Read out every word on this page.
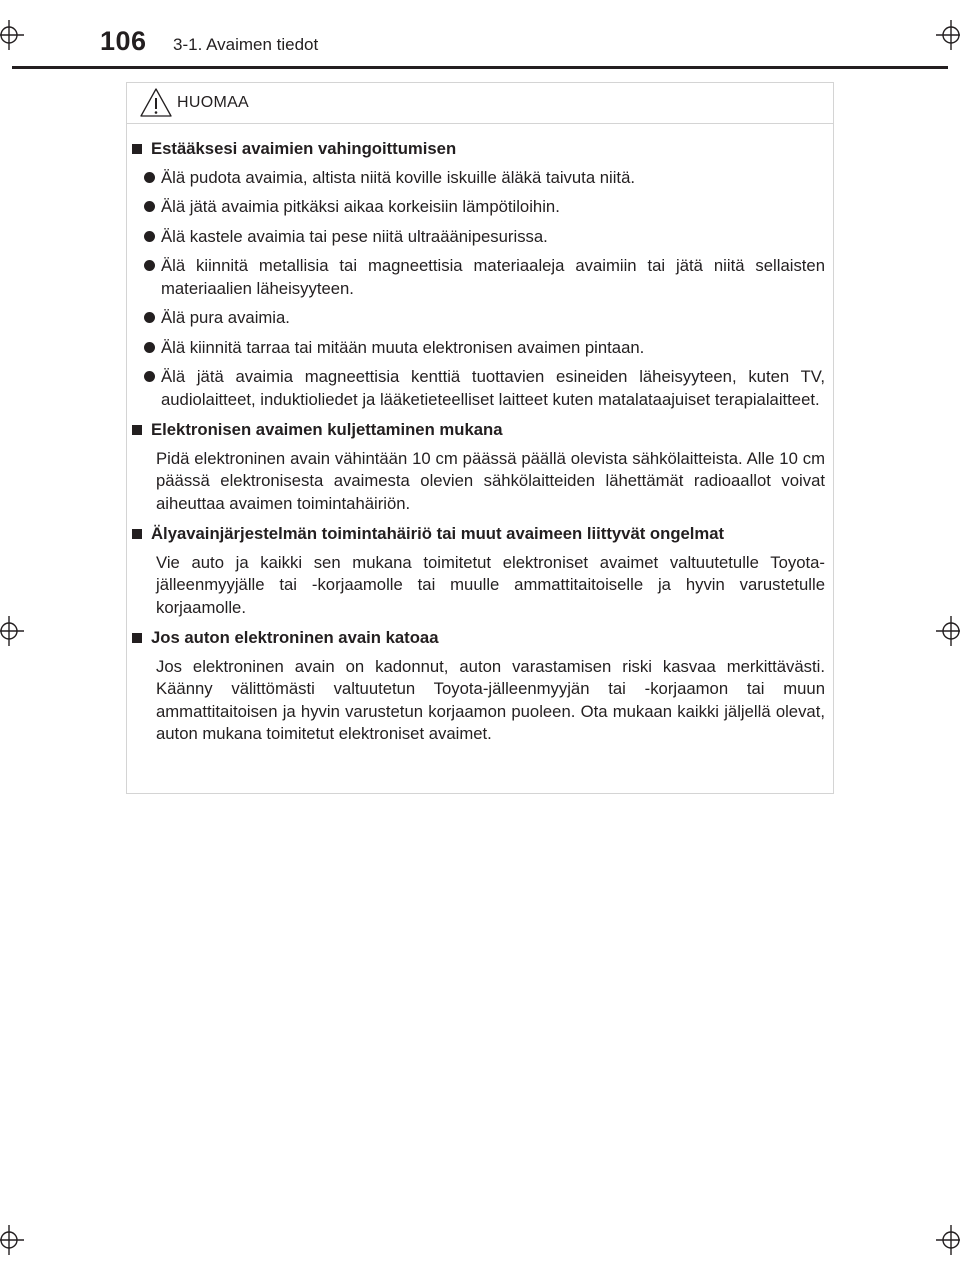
106 3-1. Avaimen tiedot
HUOMAA
Estääksesi avaimien vahingoittumisen
Älä pudota avaimia, altista niitä koville iskuille äläkä taivuta niitä.
Älä jätä avaimia pitkäksi aikaa korkeisiin lämpötiloihin.
Älä kastele avaimia tai pese niitä ultraäänipesurissa.
Älä kiinnitä metallisia tai magneettisia materiaaleja avaimiin tai jätä niitä sellaisten materiaalien läheisyyteen.
Älä pura avaimia.
Älä kiinnitä tarraa tai mitään muuta elektronisen avaimen pintaan.
Älä jätä avaimia magneettisia kenttiä tuottavien esineiden läheisyyteen, kuten TV, audiolaitteet, induktioliedet ja lääketieteelliset laitteet kuten matalataajuiset terapialaitteet.
Elektronisen avaimen kuljettaminen mukana

Pidä elektroninen avain vähintään 10 cm päässä päällä olevista sähkölaitteista. Alle 10 cm päässä elektronisesta avaimesta olevien sähkölaitteiden lähettämät radioaallot voivat aiheuttaa avaimen toimintahäiriön.

Älyavainjärjestelmän toimintahäiriö tai muut avaimeen liittyvät ongelmat

Vie auto ja kaikki sen mukana toimitetut elektroniset avaimet valtuutetulle Toyota-jälleenmyyjälle tai -korjaamolle tai muulle ammattitaitoiselle ja hyvin varustetulle korjaamolle.

Jos auton elektroninen avain katoaa

Jos elektroninen avain on kadonnut, auton varastamisen riski kasvaa merkittävästi. Käänny välittömästi valtuutetun Toyota-jälleenmyyjän tai -korjaamon tai muun ammattitaitoisen ja hyvin varustetun korjaamon puoleen. Ota mukaan kaikki jäljellä olevat, auton mukana toimitetut elektroniset avaimet.
